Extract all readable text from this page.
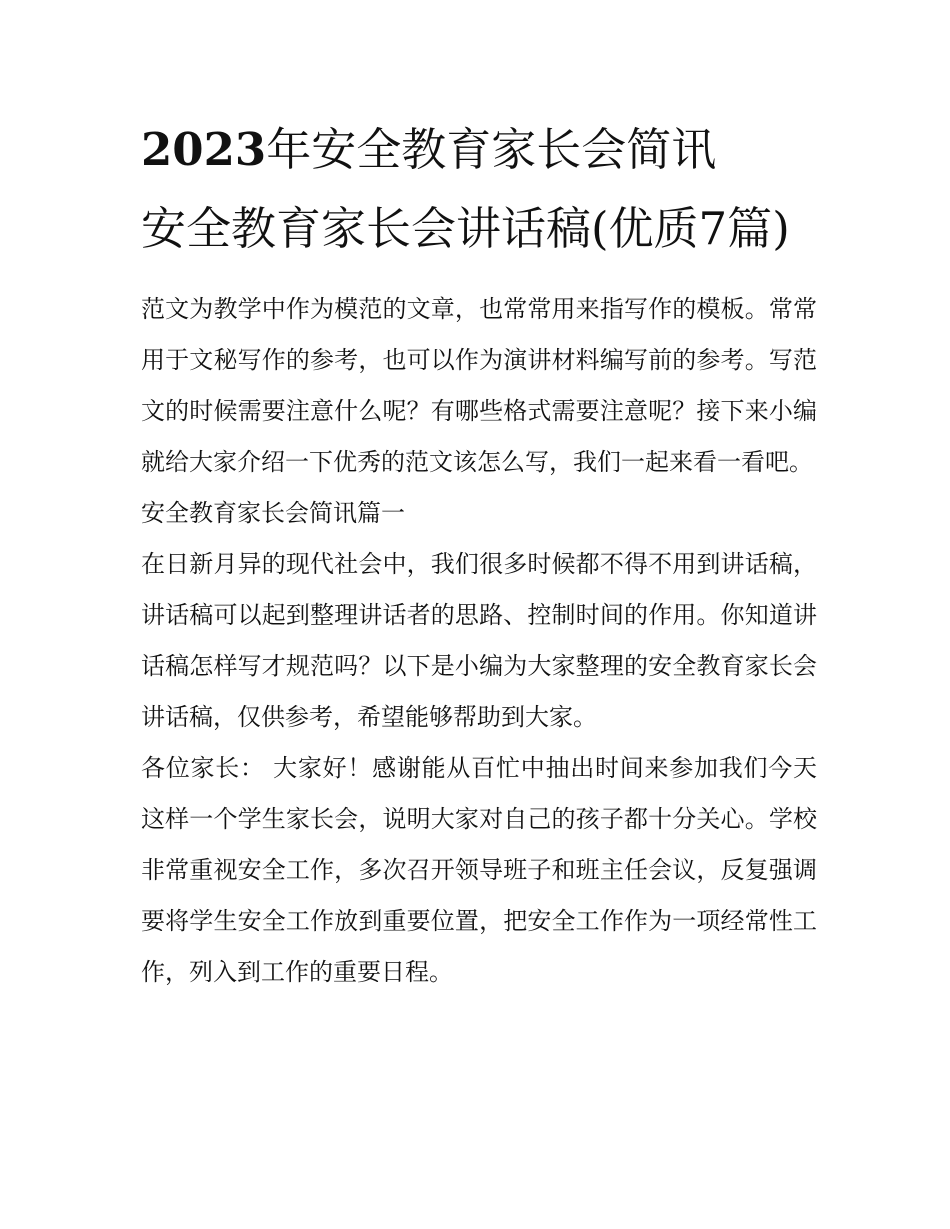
2023年安全教育家长会简讯
安全教育家长会讲话稿(优质7篇)

范文为教学中作为模范的文章，也常常用来指写作的模板。常常用于文秘写作的参考，也可以作为演讲材料编写前的参考。写范文的时候需要注意什么呢？有哪些格式需要注意呢？接下来小编就给大家介绍一下优秀的范文该怎么写，我们一起来看一看吧。

安全教育家长会简讯篇一

在日新月异的现代社会中，我们很多时候都不得不用到讲话稿，讲话稿可以起到整理讲话者的思路、控制时间的作用。你知道讲话稿怎样写才规范吗？以下是小编为大家整理的安全教育家长会讲话稿，仅供参考，希望能够帮助到大家。

各位家长： 大家好！感谢能从百忙中抽出时间来参加我们今天这样一个学生家长会，说明大家对自己的孩子都十分关心。学校非常重视安全工作，多次召开领导班子和班主任会议，反复强调要将学生安全工作放到重要位置，把安全工作作为一项经常性工作，列入到工作的重要日程。
